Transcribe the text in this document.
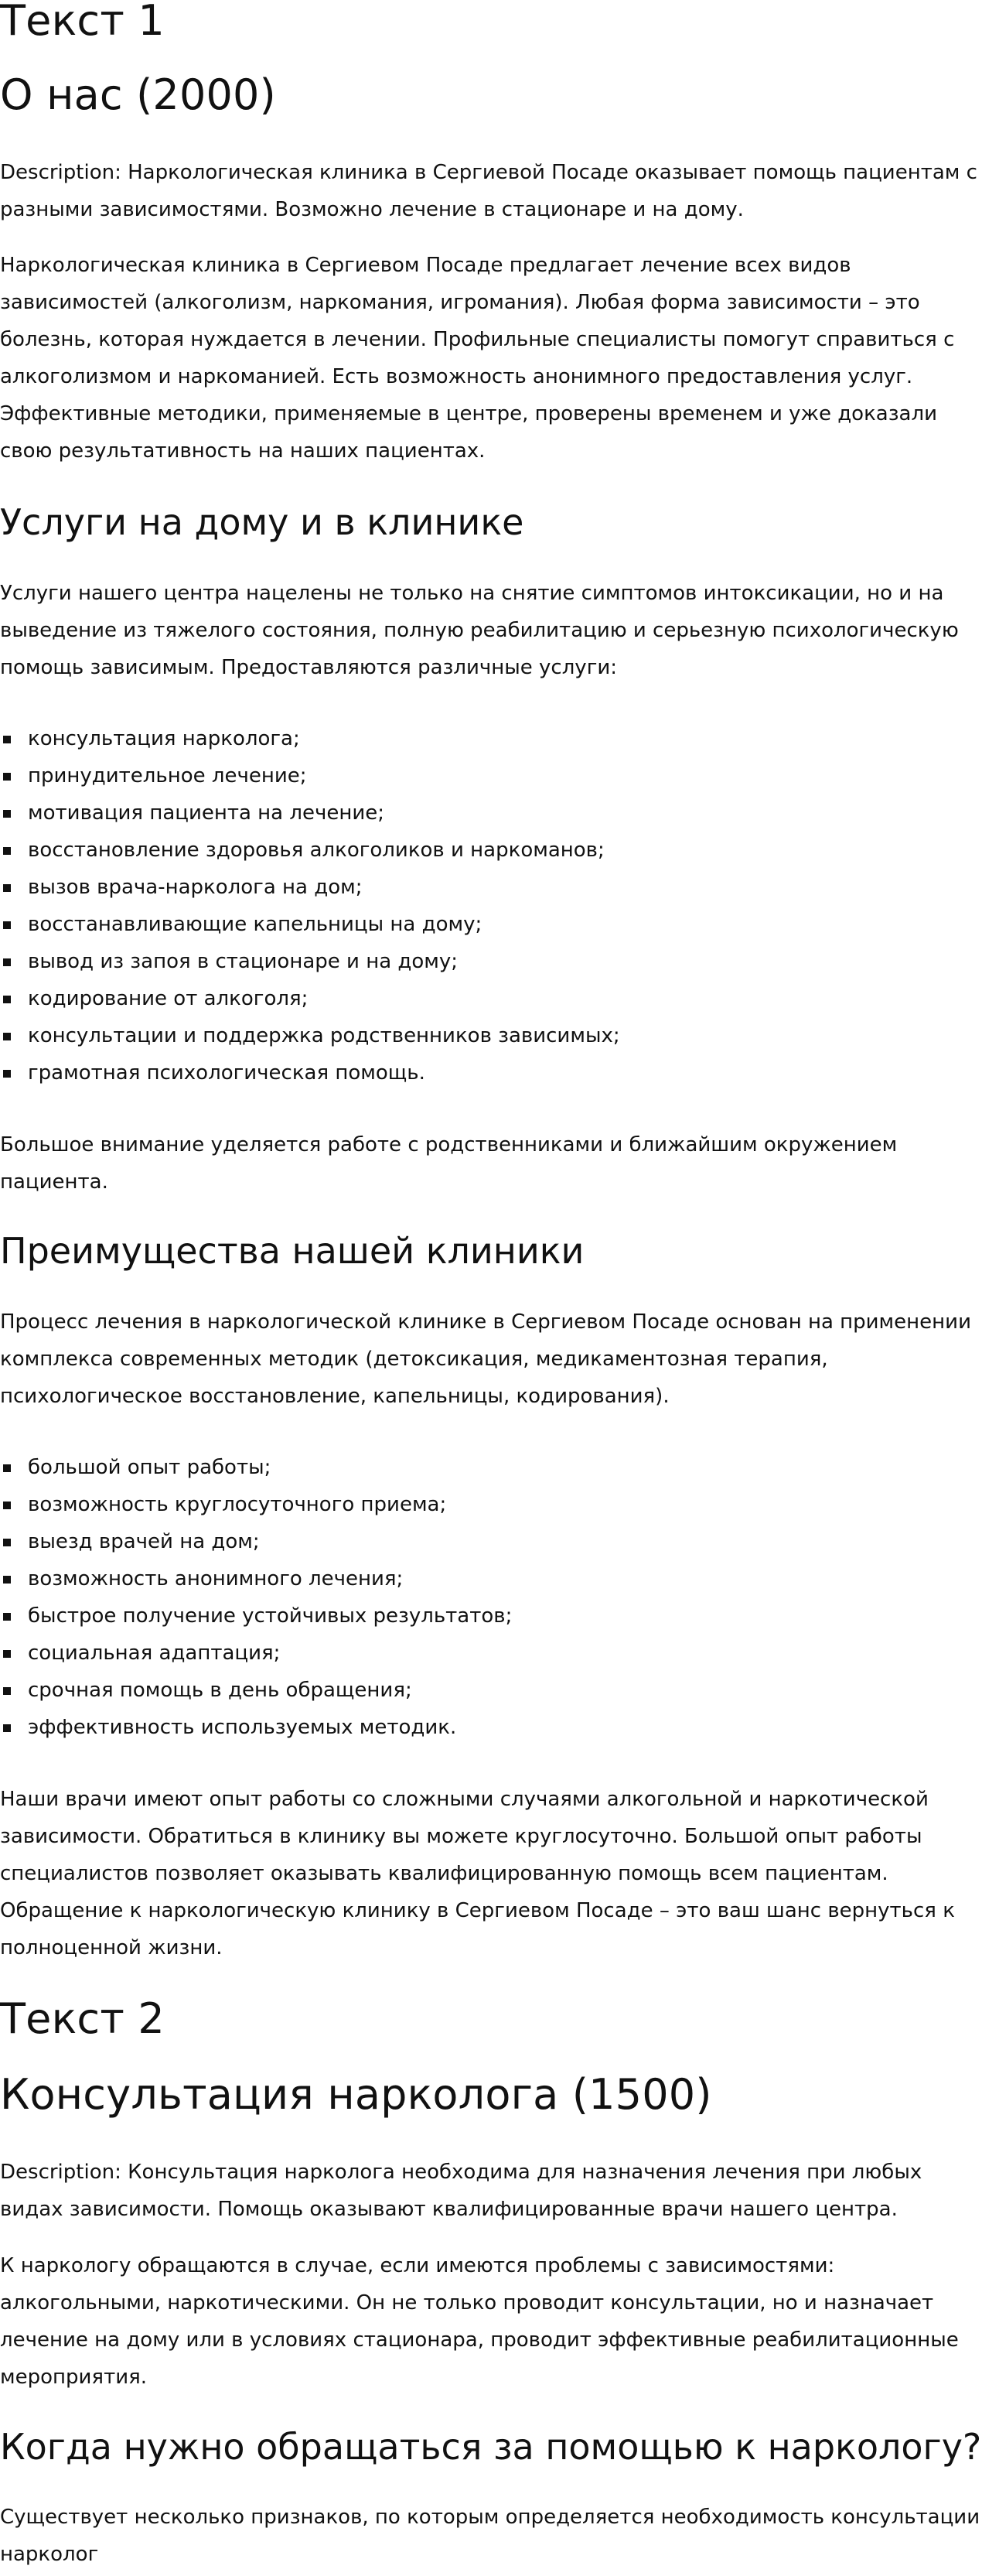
Текст 1
О нас (2000)

Description: Наркологическая клиника в Сергиевой Посаде оказывает помощь пациентам с разными зависимостями. Возможно лечение в стационаре и на дому.

Наркологическая клиника в Сергиевом Посаде предлагает лечение всех видов зависимостей (алкоголизм, наркомания, игромания). Любая форма зависимости – это болезнь, которая нуждается в лечении. Профильные специалисты помогут справиться с алкоголизмом и наркоманией. Есть возможность анонимного предоставления услуг. Эффективные методики, применяемые в центре, проверены временем и уже доказали свою результативность на наших пациентах.

Услуги на дому и в клинике

Услуги нашего центра нацелены не только на снятие симптомов интоксикации, но и на выведение из тяжелого состояния, полную реабилитацию и серьезную психологическую помощь зависимым. Предоставляются различные услуги:

консультация нарколога;
принудительное лечение;
мотивация пациента на лечение;
восстановление здоровья алкоголиков и наркоманов;
вызов врача-нарколога на дом;
восстанавливающие капельницы на дому;
вывод из запоя в стационаре и на дому;
кодирование от алкоголя;
консультации и поддержка родственников зависимых;
грамотная психологическая помощь.

Большое внимание уделяется работе с родственниками и ближайшим окружением пациента.

Преимущества нашей клиники

Процесс лечения в наркологической клинике в Сергиевом Посаде основан на применении комплекса современных методик (детоксикация, медикаментозная терапия, психологическое восстановление, капельницы, кодирования).

большой опыт работы;
возможность круглосуточного приема;
выезд врачей на дом;
возможность анонимного лечения;
быстрое получение устойчивых результатов;
социальная адаптация;
срочная помощь в день обращения;
эффективность используемых методик.

Наши врачи имеют опыт работы со сложными случаями алкогольной и наркотической зависимости. Обратиться в клинику вы можете круглосуточно. Большой опыт работы специалистов позволяет оказывать квалифицированную помощь всем пациентам. Обращение к наркологическую клинику в Сергиевом Посаде – это ваш шанс вернуться к полноценной жизни.

Текст 2
Консультация нарколога (1500)

Description: Консультация нарколога необходима для назначения лечения при любых видах зависимости. Помощь оказывают квалифицированные врачи нашего центра.

К наркологу обращаются в случае, если имеются проблемы с зависимостями: алкогольными, наркотическими. Он не только проводит консультации, но и назначает лечение на дому или в условиях стационара, проводит эффективные реабилитационные мероприятия.

Когда нужно обращаться за помощью к наркологу?

Существует несколько признаков, по которым определяется необходимость консультации нарколог
